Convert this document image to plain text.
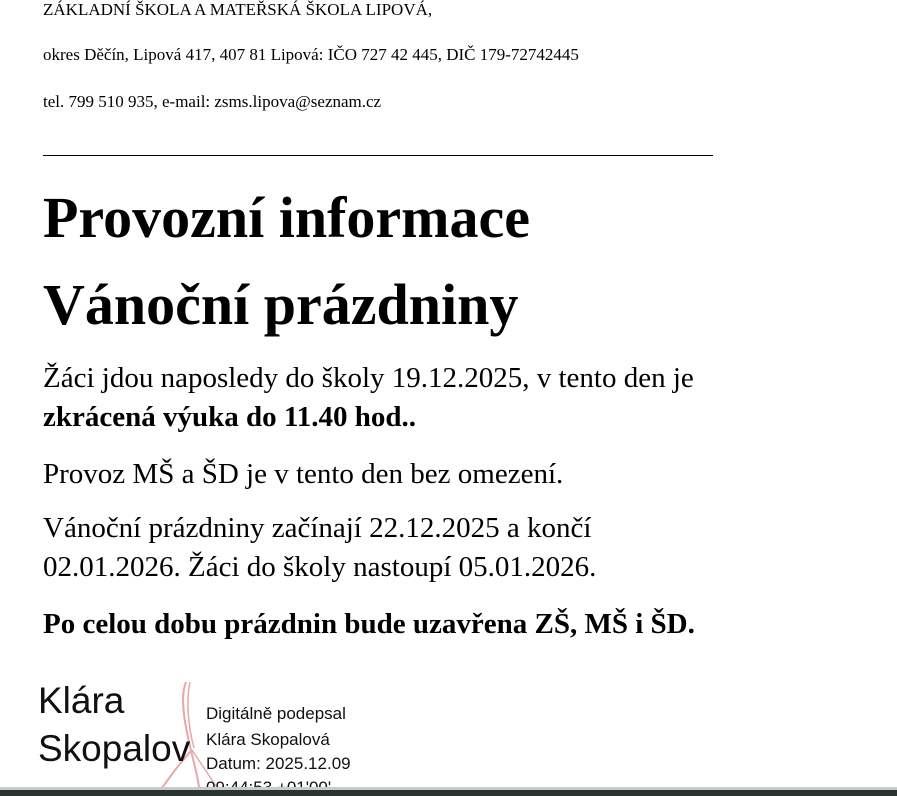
ZÁKLADNÍ ŠKOLA A MATEŘSKÁ ŠKOLA LIPOVÁ,
okres Děčín, Lipová 417, 407 81 Lipová: IČO 727 42 445, DIČ 179-72742445
tel. 799 510 935, e-mail: zsms.lipova@seznam.cz
Provozní informace
Vánoční prázdniny

Žáci jdou naposledy do školy 19.12.2025, v tento den je
zkrácená výuka do 11.40 hod..

Provoz MŠ a ŠD je v tento den bez omezení.

Vánoční prázdniny začínají 22.12.2025 a končí
02.01.2026. Žáci do školy nastoupí 05.01.2026.

Po celou dobu prázdnin bude uzavřena ZŠ, MŠ i ŠD.

Klára
Skopalov
Digitálně podepsal
Klára Skopalová
Datum: 2025.12.09
